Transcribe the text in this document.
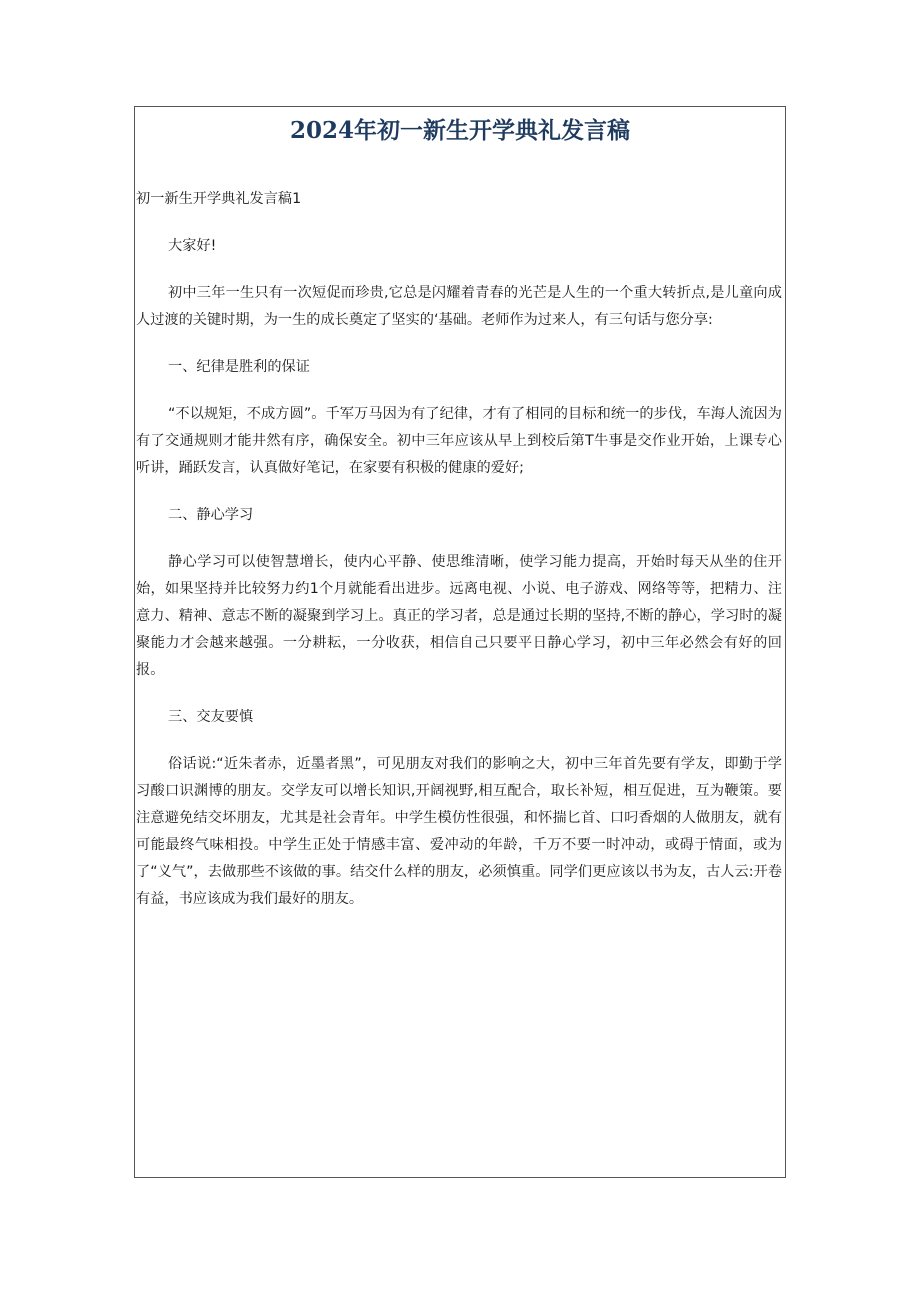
2024年初一新生开学典礼发言稿

初一新生开学典礼发言稿1

大家好!

初中三年一生只有一次短促而珍贵,它总是闪耀着青春的光芒是人生的一个重大转折点,是儿童向成人过渡的关键时期，为一生的成长奠定了坚实的‘基础。老师作为过来人，有三句话与您分享:

一、纪律是胜利的保证

“不以规矩，不成方圆”。千军万马因为有了纪律，才有了相同的目标和统一的步伐，车海人流因为有了交通规则才能井然有序，确保安全。初中三年应该从早上到校后第T牛事是交作业开始，上课专心听讲，踊跃发言，认真做好笔记，在家要有积极的健康的爱好;

二、静心学习

静心学习可以使智慧增长，使内心平静、使思维清晰，使学习能力提高，开始时每天从坐的住开始，如果坚持并比较努力约1个月就能看出进步。远离电视、小说、电子游戏、网络等等，把精力、注意力、精神、意志不断的凝聚到学习上。真正的学习者，总是通过长期的坚持,不断的静心，学习时的凝聚能力才会越来越强。一分耕耘，一分收获，相信自己只要平日静心学习，初中三年必然会有好的回报。

三、交友要慎

俗话说:“近朱者赤，近墨者黑”，可见朋友对我们的影响之大，初中三年首先要有学友，即勤于学习酸口识渊博的朋友。交学友可以增长知识,开阔视野,相互配合，取长补短，相互促进，互为鞭策。要注意避免结交坏朋友，尤其是社会青年。中学生模仿性很强，和怀揣匕首、口叼香烟的人做朋友，就有可能最终气味相投。中学生正处于情感丰富、爱冲动的年龄，千万不要一时冲动，或碍于情面，或为了“义气”，去做那些不该做的事。结交什么样的朋友，必须慎重。同学们更应该以书为友，古人云:开卷有益，书应该成为我们最好的朋友。
